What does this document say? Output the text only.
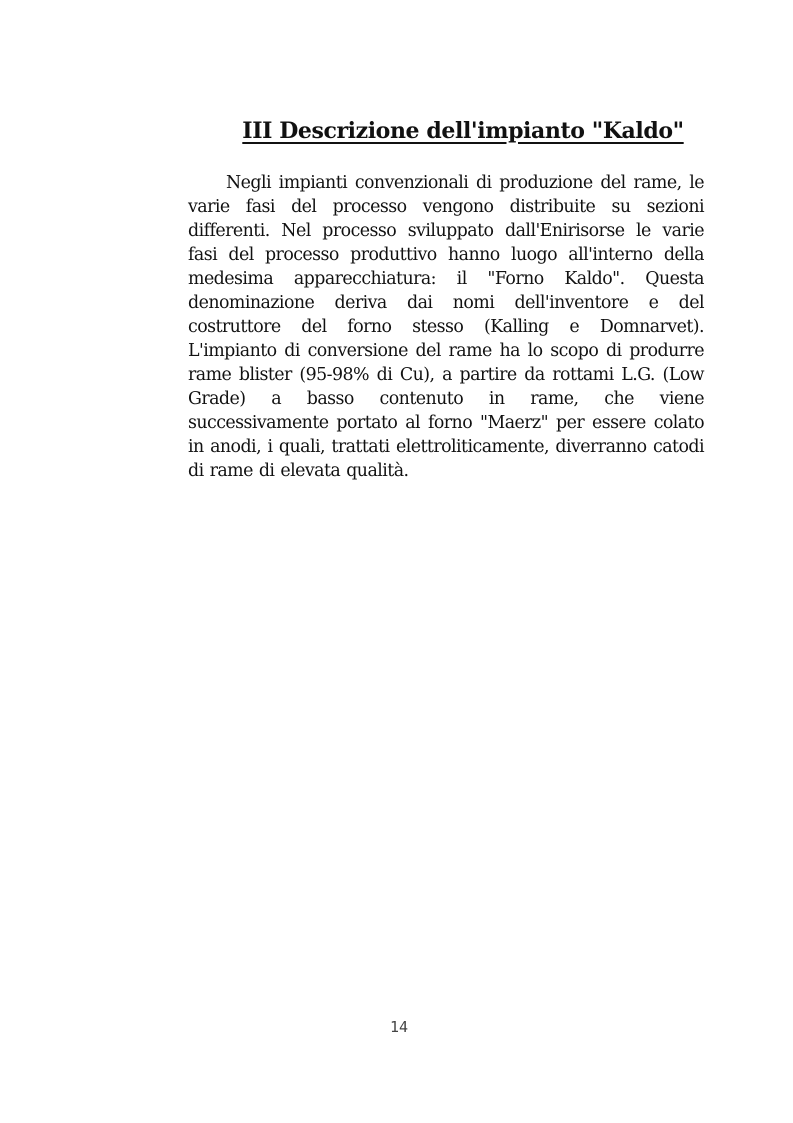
III Descrizione dell'impianto "Kaldo"

Negli impianti convenzionali di produzione del rame, le varie fasi del processo vengono distribuite su sezioni differenti. Nel processo sviluppato dall'Enirisorse le varie fasi del processo produttivo hanno luogo all'interno della medesima apparecchiatura: il "Forno Kaldo". Questa denominazione deriva dai nomi dell'inventore e del costruttore del forno stesso (Kalling e Domnarvet). L'impianto di conversione del rame ha lo scopo di produrre rame blister (95-98% di Cu), a partire da rottami L.G. (Low Grade) a basso contenuto in rame, che viene successivamente portato al forno "Maerz" per essere colato in anodi, i quali, trattati elettroliticamente, diverranno catodi di rame di elevata qualità.

14
